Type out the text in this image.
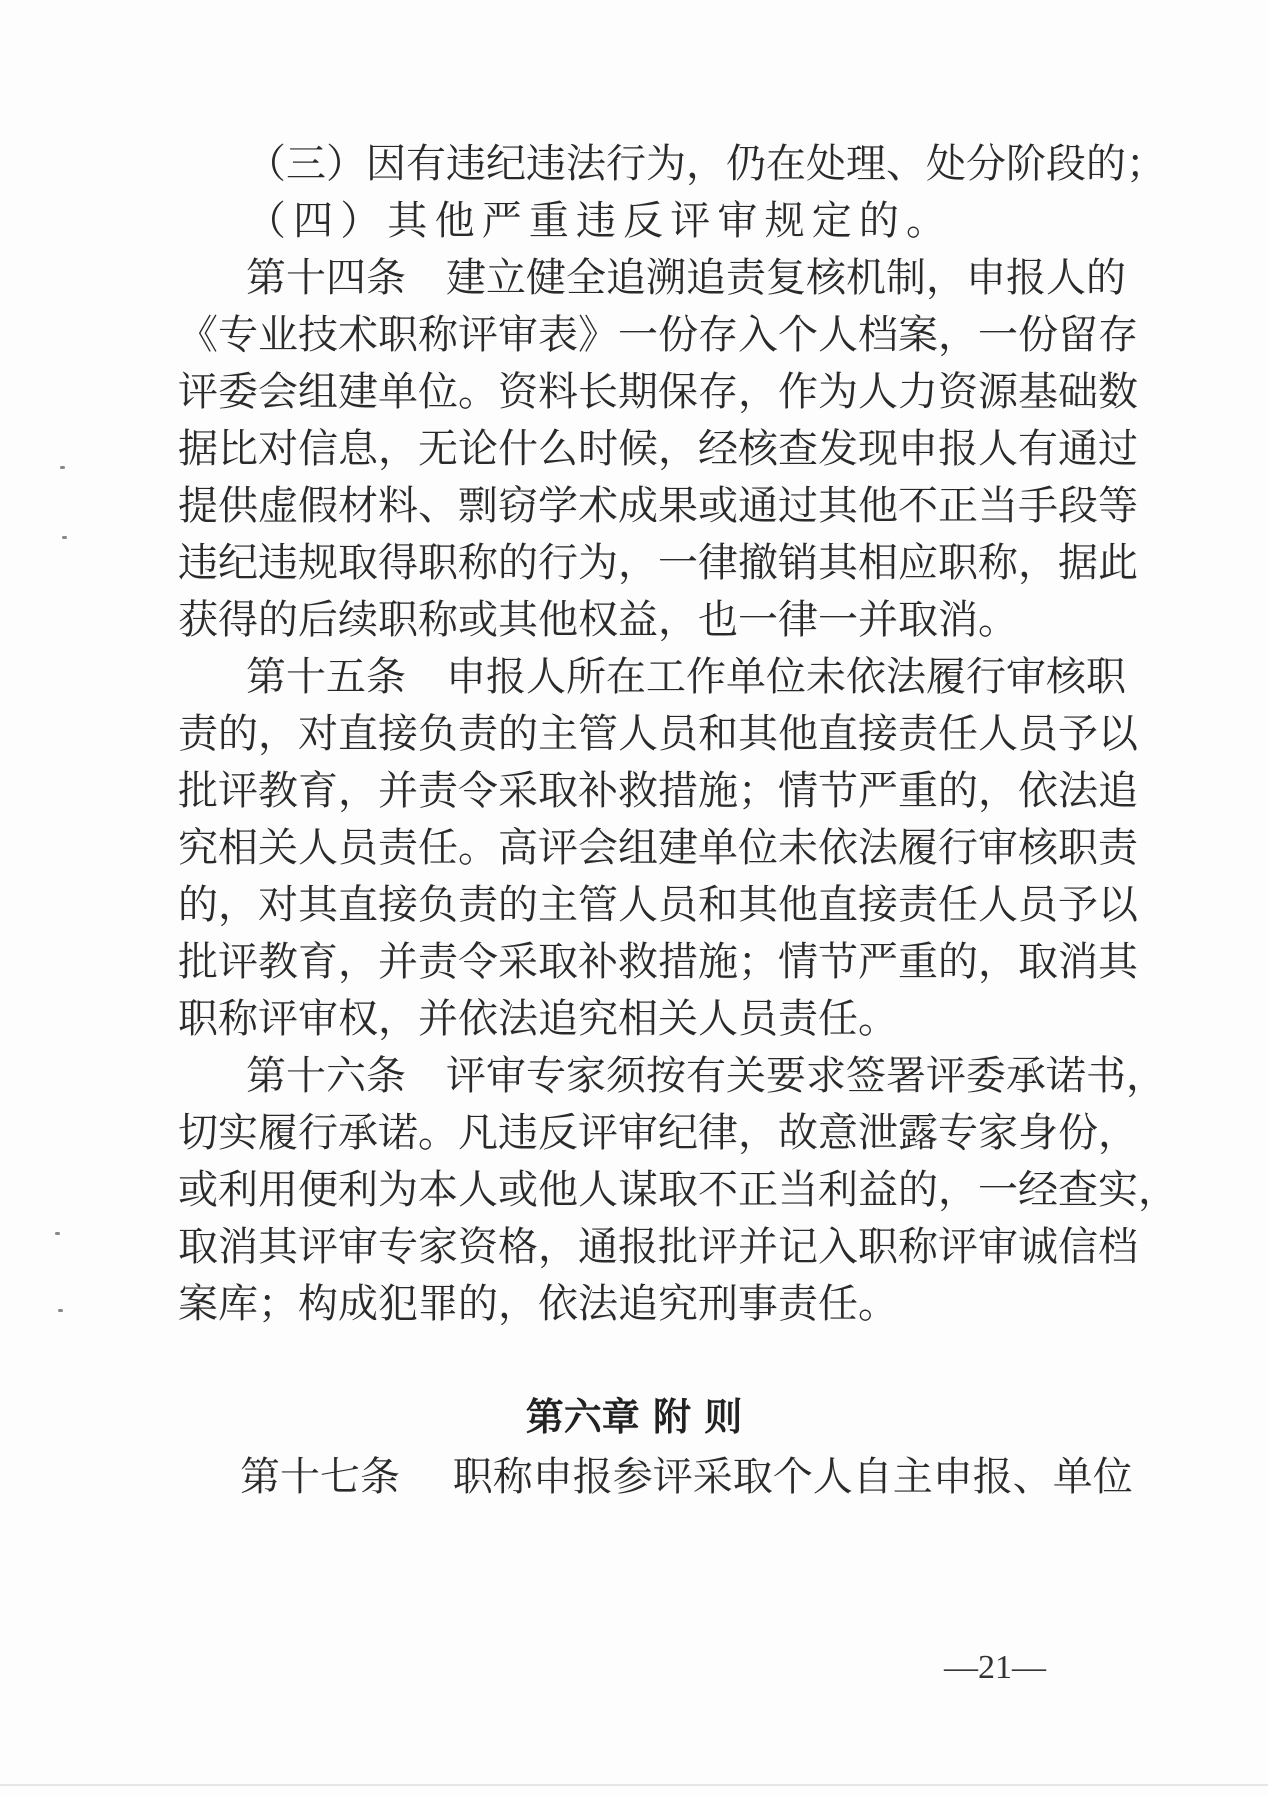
（三）因有违纪违法行为，仍在处理、处分阶段的；
（四）其他严重违反评审规定的。
第十四条　建立健全追溯追责复核机制，申报人的
《专业技术职称评审表》一份存入个人档案，一份留存
评委会组建单位。资料长期保存，作为人力资源基础数
据比对信息，无论什么时候，经核查发现申报人有通过
提供虚假材料、剽窃学术成果或通过其他不正当手段等
违纪违规取得职称的行为，一律撤销其相应职称，据此
获得的后续职称或其他权益，也一律一并取消。
第十五条　申报人所在工作单位未依法履行审核职
责的，对直接负责的主管人员和其他直接责任人员予以
批评教育，并责令采取补救措施；情节严重的，依法追
究相关人员责任。高评会组建单位未依法履行审核职责
的，对其直接负责的主管人员和其他直接责任人员予以
批评教育，并责令采取补救措施；情节严重的，取消其
职称评审权，并依法追究相关人员责任。
第十六条　评审专家须按有关要求签署评委承诺书，
切实履行承诺。凡违反评审纪律，故意泄露专家身份，
或利用便利为本人或他人谋取不正当利益的，一经查实，
取消其评审专家资格，通报批评并记入职称评审诚信档
案库；构成犯罪的，依法追究刑事责任。
第六章 附 则
第十七条　 职称申报参评采取个人自主申报、单位
—21—
